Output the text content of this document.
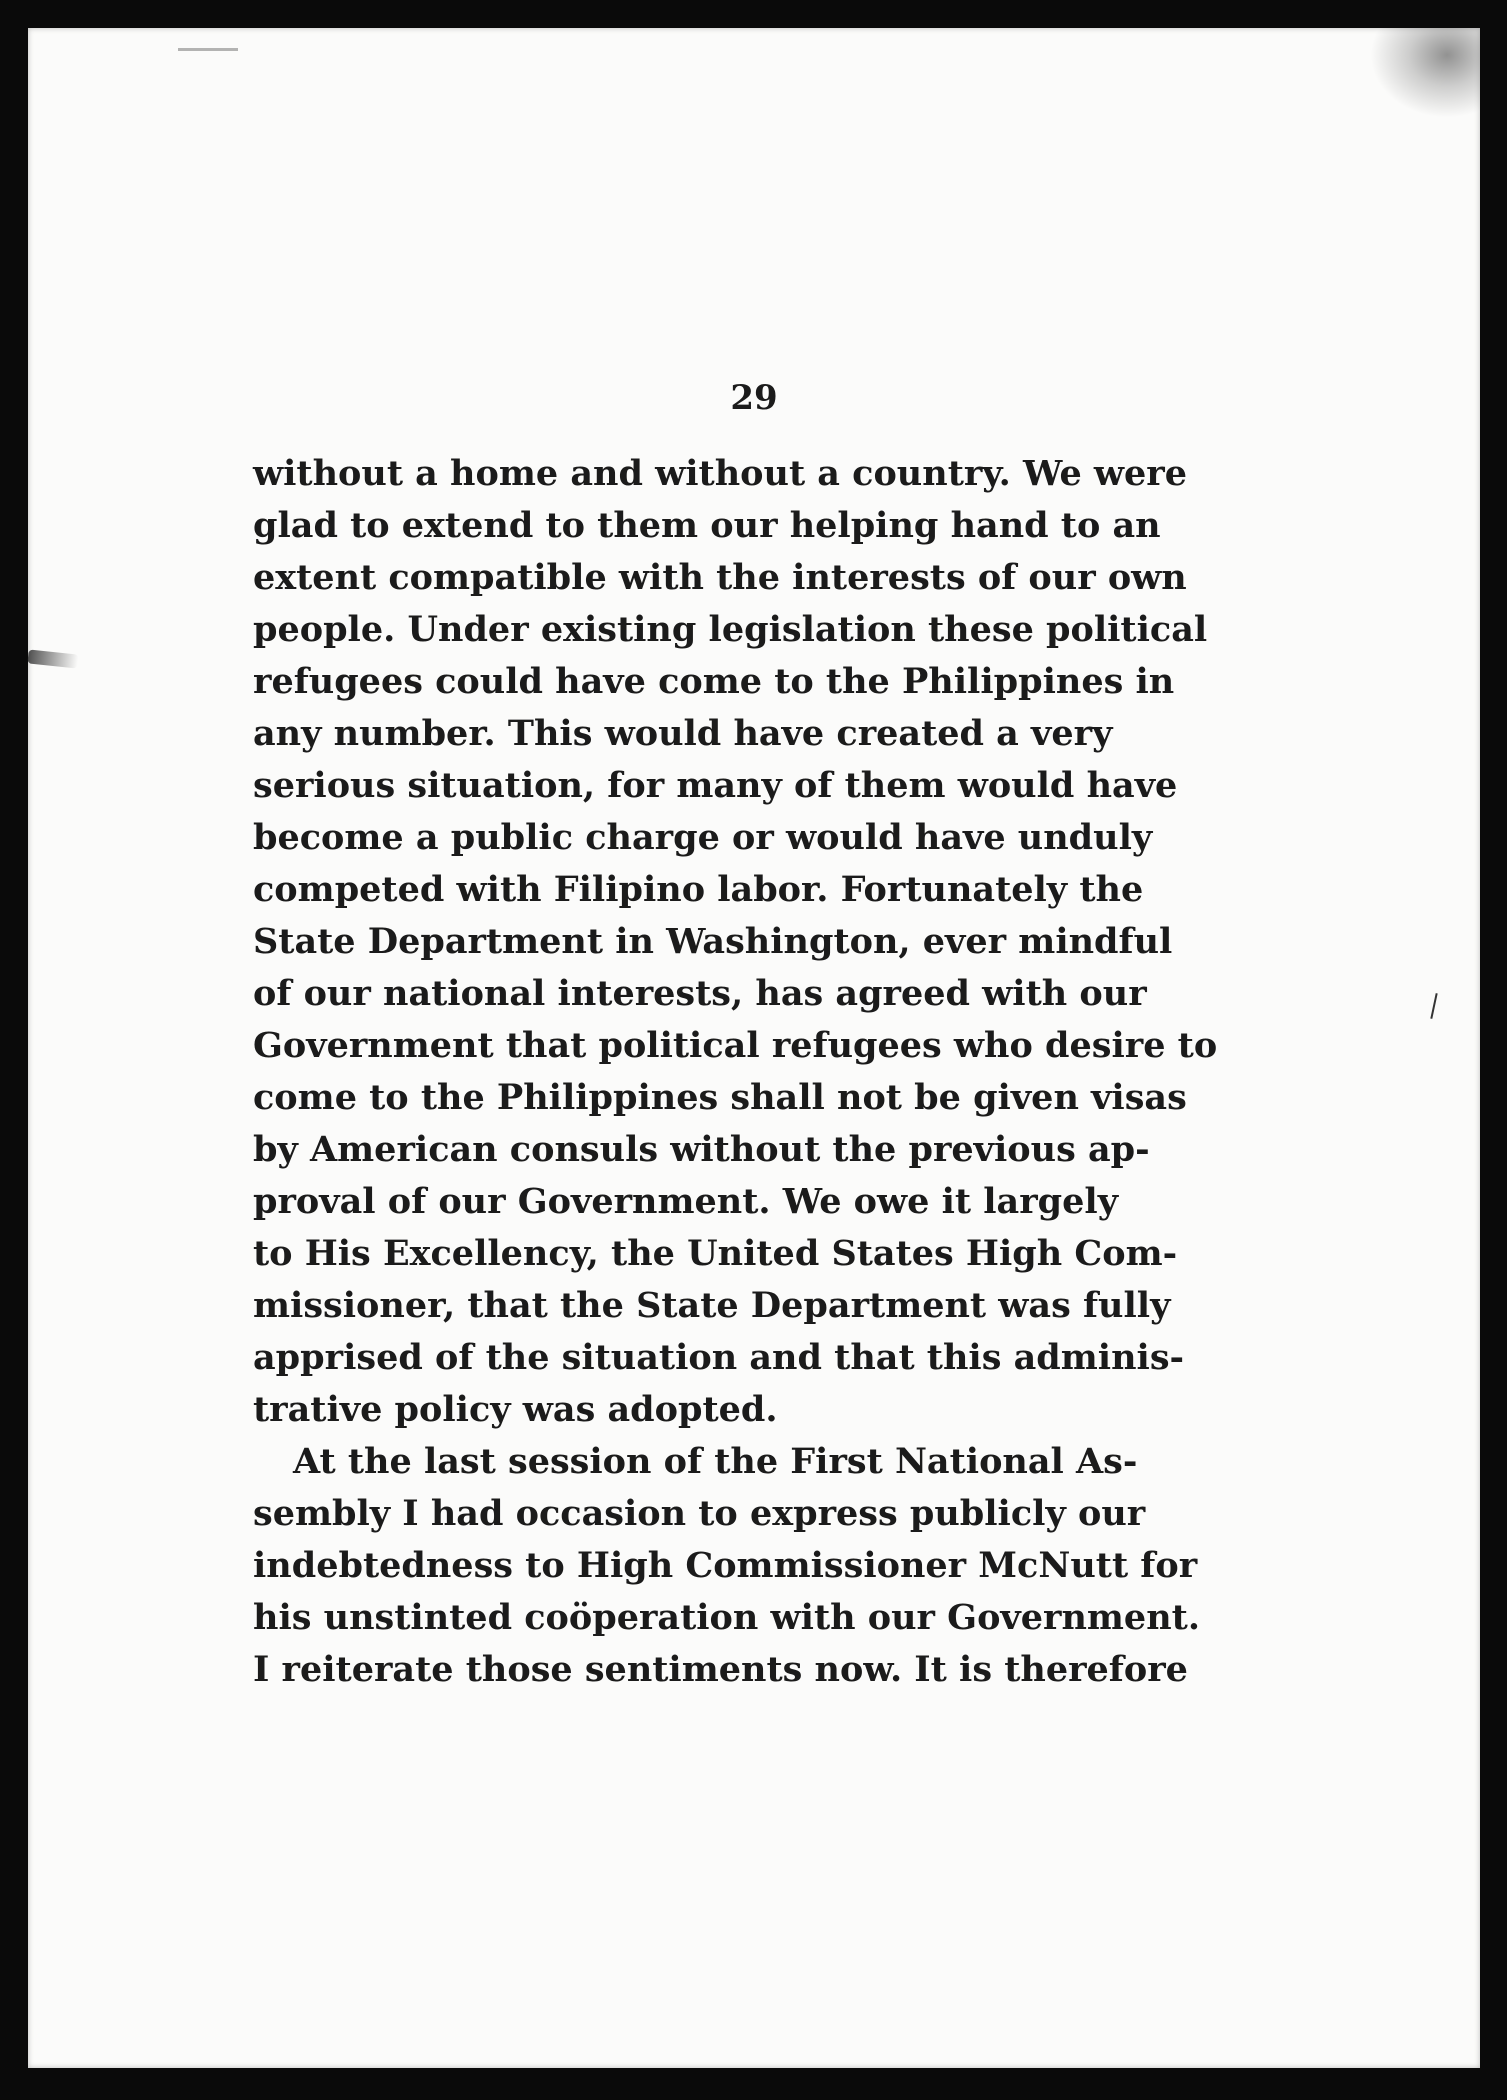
29
without a home and without a country. We were
glad to extend to them our helping hand to an
extent compatible with the interests of our own
people. Under existing legislation these political
refugees could have come to the Philippines in
any number. This would have created a very
serious situation, for many of them would have
become a public charge or would have unduly
competed with Filipino labor. Fortunately the
State Department in Washington, ever mindful
of our national interests, has agreed with our
Government that political refugees who desire to
come to the Philippines shall not be given visas
by American consuls without the previous ap-
proval of our Government. We owe it largely
to His Excellency, the United States High Com-
missioner, that the State Department was fully
apprised of the situation and that this adminis-
trative policy was adopted.
At the last session of the First National As-
sembly I had occasion to express publicly our
indebtedness to High Commissioner McNutt for
his unstinted coöperation with our Government.
I reiterate those sentiments now. It is therefore
